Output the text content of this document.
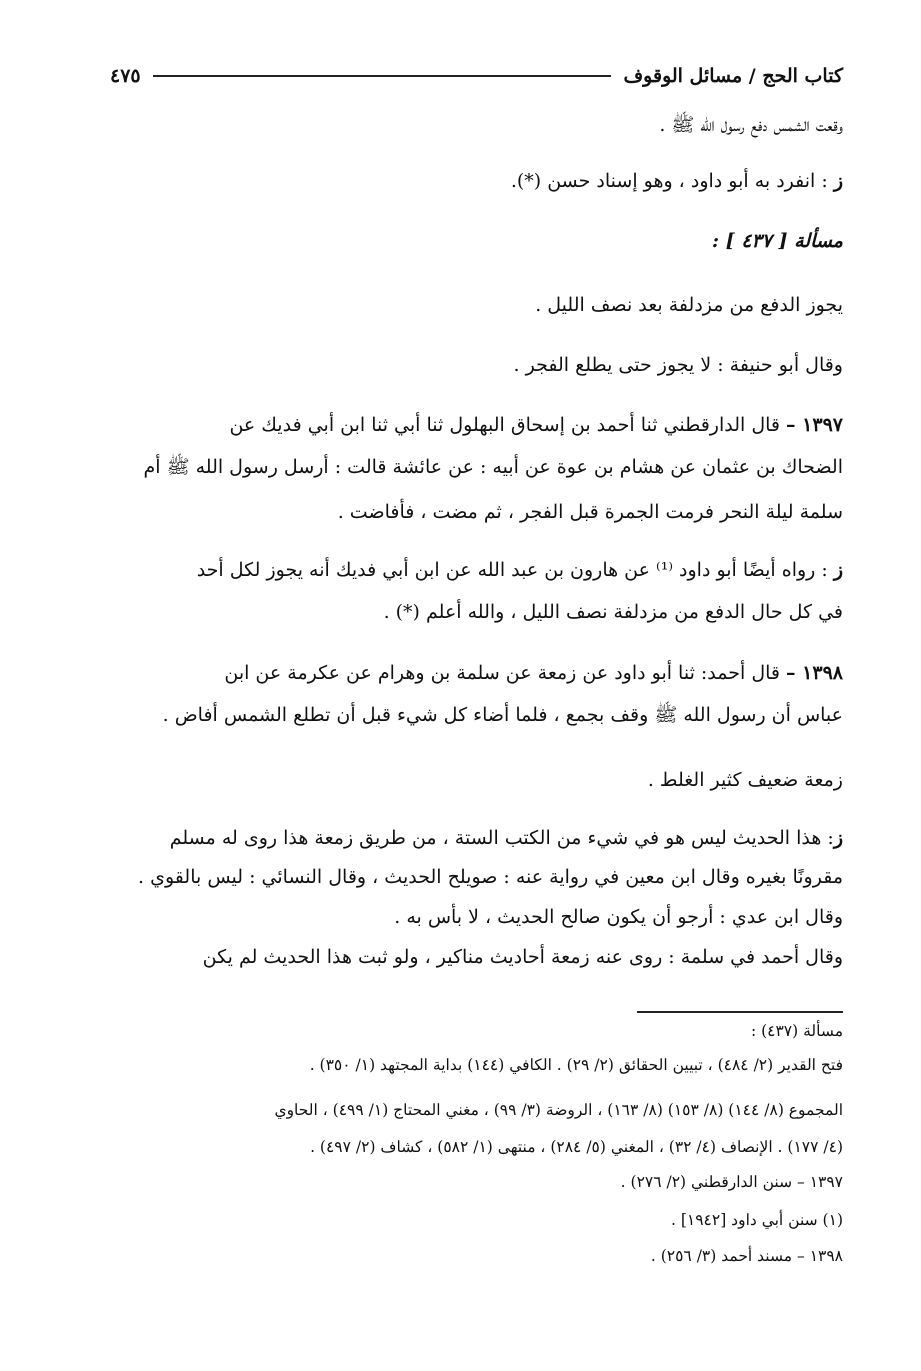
كتاب الحج / مسائل الوقوف
٤٧٥
وقعت الشمس دفع رسول الله ﷺ .
ز : انفرد به أبو داود ، وهو إسناد حسن (*).
مسألة [ ٤٣٧ ] :
يجوز الدفع من مزدلفة بعد نصف الليل .
وقال أبو حنيفة : لا يجوز حتى يطلع الفجر .
١٣٩٧ – قال الدارقطني ثنا أحمد بن إسحاق البهلول ثنا أبي ثنا ابن أبي فديك عن
الضحاك بن عثمان عن هشام بن عوة عن أبيه : عن عائشة قالت : أرسل رسول الله ﷺ أم
سلمة ليلة النحر فرمت الجمرة قبل الفجر ، ثم مضت ، فأفاضت .
ز : رواه أيضًا أبو داود ⁽¹⁾ عن هارون بن عبد الله عن ابن أبي فديك أنه يجوز لكل أحد
في كل حال الدفع من مزدلفة نصف الليل ، والله أعلم (*) .
١٣٩٨ – قال أحمد: ثنا أبو داود عن زمعة عن سلمة بن وهرام عن عكرمة عن ابن
عباس أن رسول الله ﷺ وقف بجمع ، فلما أضاء كل شيء قبل أن تطلع الشمس أفاض .
زمعة ضعيف كثير الغلط .
ز: هذا الحديث ليس هو في شيء من الكتب الستة ، من طريق زمعة هذا روى له مسلم
مقرونًا بغيره وقال ابن معين في رواية عنه : صويلح الحديث ، وقال النسائي : ليس بالقوي .
وقال ابن عدي : أرجو أن يكون صالح الحديث ، لا بأس به .
وقال أحمد في سلمة : روى عنه زمعة أحاديث مناكير ، ولو ثبت هذا الحديث لم يكن
مسألة (٤٣٧) :
فتح القدير (٢/ ٤٨٤) ، تبيين الحقائق (٢/ ٢٩) . الكافي (١٤٤) بداية المجتهد (١/ ٣٥٠) .
المجموع (٨/ ١٤٤) (٨/ ١٥٣) (٨/ ١٦٣) ، الروضة (٣/ ٩٩) ، مغني المحتاج (١/ ٤٩٩) ، الحاوي
(٤/ ١٧٧) . الإنصاف (٤/ ٣٢) ، المغني (٥/ ٢٨٤) ، منتهى (١/ ٥٨٢) ، كشاف (٢/ ٤٩٧) .
١٣٩٧ – سنن الدارقطني (٢/ ٢٧٦) .
(١) سنن أبي داود [١٩٤٢] .
١٣٩٨ – مسند أحمد (٣/ ٢٥٦) .
